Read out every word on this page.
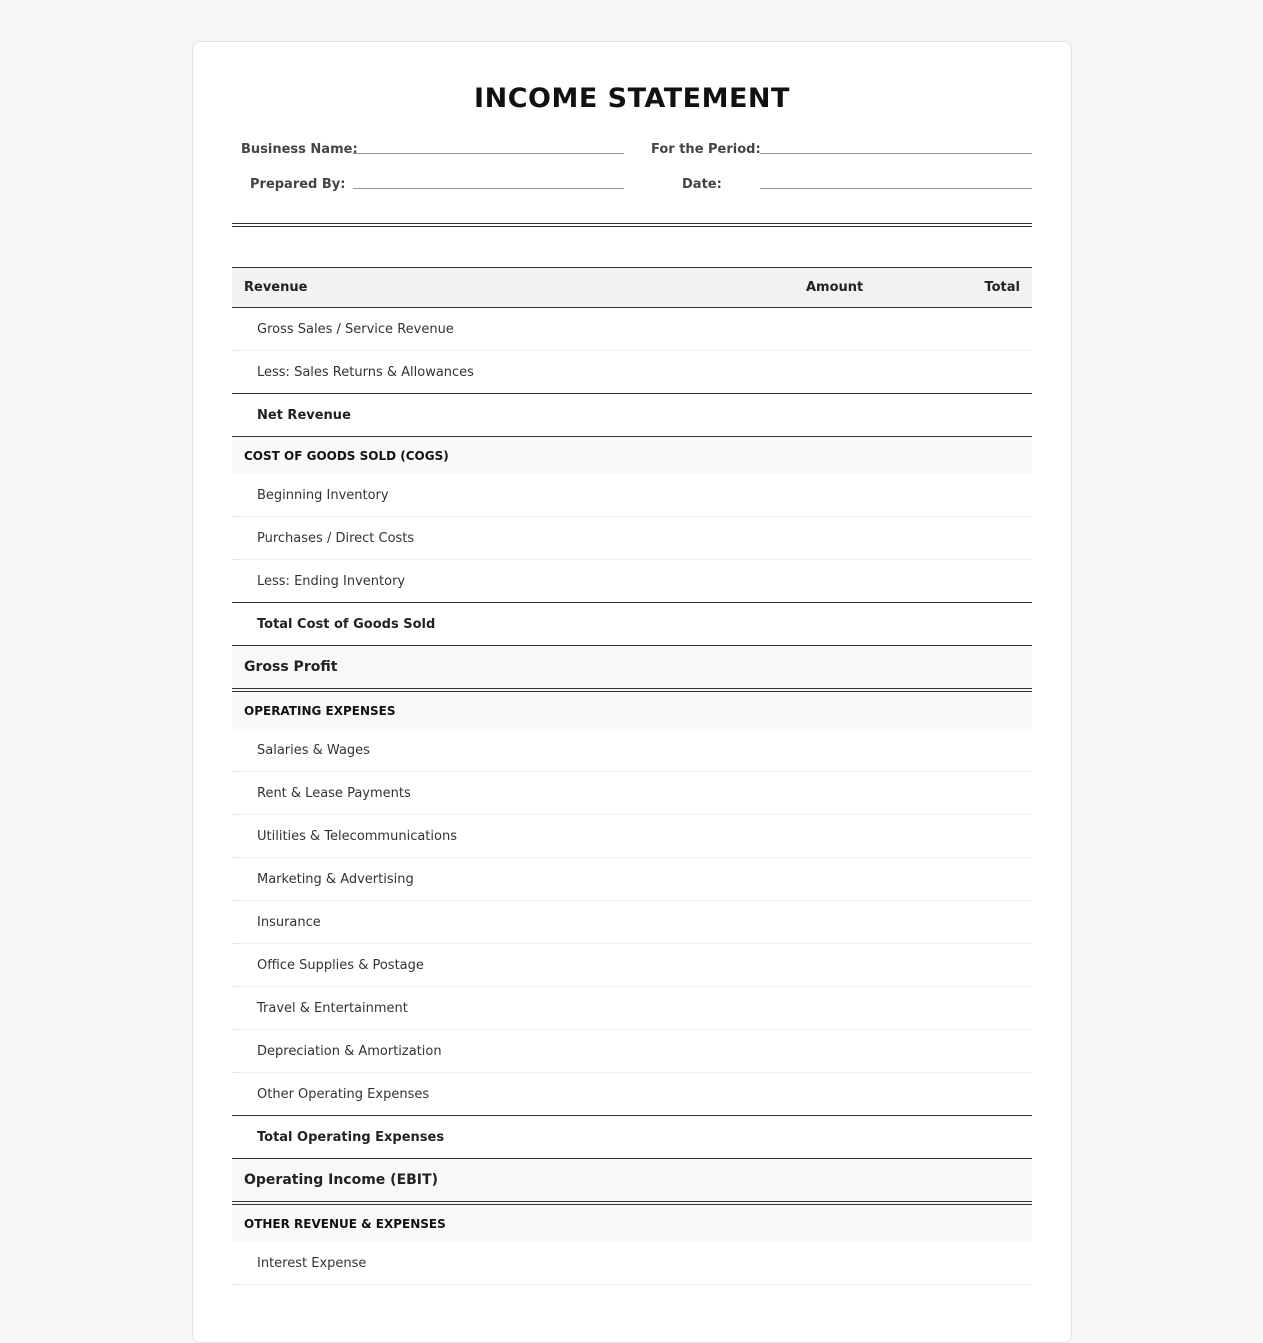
INCOME STATEMENT
Business Name:	For the Period:
Prepared By:	Date:
Revenue	Amount	Total
Gross Sales / Service Revenue
Less: Sales Returns & Allowances
Net Revenue
COST OF GOODS SOLD (COGS)
Beginning Inventory
Purchases / Direct Costs
Less: Ending Inventory
Total Cost of Goods Sold
Gross Profit
OPERATING EXPENSES
Salaries & Wages
Rent & Lease Payments
Utilities & Telecommunications
Marketing & Advertising
Insurance
Office Supplies & Postage
Travel & Entertainment
Depreciation & Amortization
Other Operating Expenses
Total Operating Expenses
Operating Income (EBIT)
OTHER REVENUE & EXPENSES
Interest Expense
